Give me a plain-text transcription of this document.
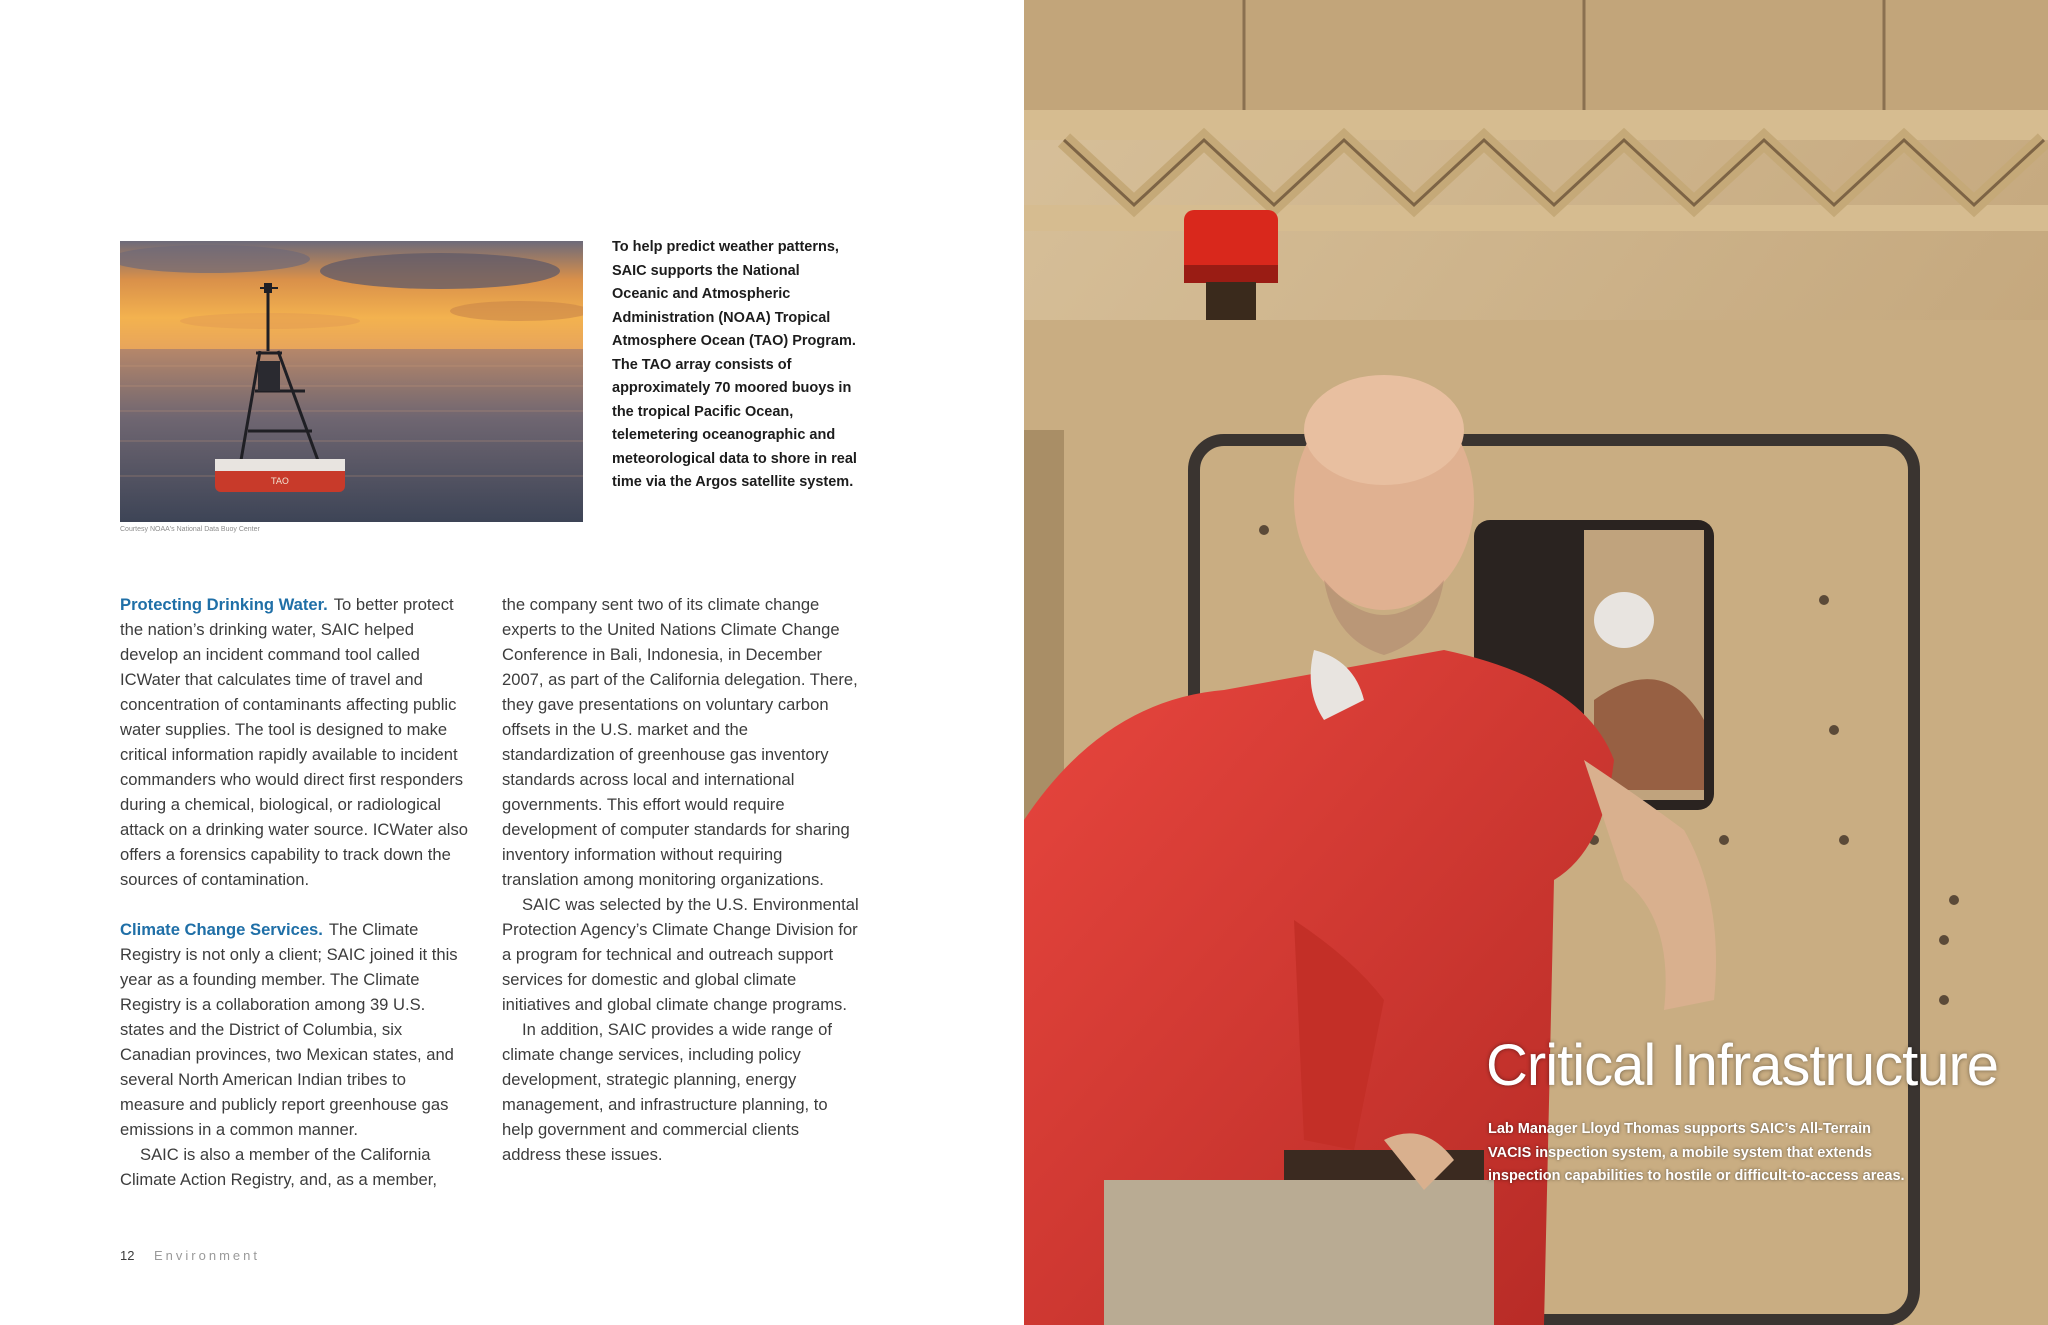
TAO
Courtesy NOAA's National Data Buoy Center
To help predict weather patterns, SAIC supports the National Oceanic and Atmospheric Administration (NOAA) Tropical Atmosphere Ocean (TAO) Program. The TAO array consists of approximately 70 moored buoys in the tropical Pacific Ocean, telemetering oceanographic and meteorological data to shore in real time via the Argos satellite system.

Protecting Drinking Water. To better protect the nation’s drinking water, SAIC helped develop an incident command tool called ICWater that calculates time of travel and concentration of contaminants affecting public water supplies. The tool is designed to make critical information rapidly available to incident commanders who would direct first responders during a chemical, biological, or radiological attack on a drinking water source. ICWater also offers a forensics capability to track down the sources of contamination.

Climate Change Services. The Climate Registry is not only a client; SAIC joined it this year as a founding member. The Climate Registry is a collaboration among 39 U.S. states and the District of Columbia, six Canadian provinces, two Mexican states, and several North American Indian tribes to measure and publicly report greenhouse gas emissions in a common manner.

SAIC is also a member of the California Climate Action Registry, and, as a member,

the company sent two of its climate change experts to the United Nations Climate Change Conference in Bali, Indonesia, in December 2007, as part of the California delegation. There, they gave presentations on voluntary carbon offsets in the U.S. market and the standardization of greenhouse gas inventory standards across local and international governments. This effort would require development of computer standards for sharing inventory information without requiring translation among monitoring organizations.

SAIC was selected by the U.S. Environmental Protection Agency’s Climate Change Division for a program for technical and outreach support services for domestic and global climate initiatives and global climate change programs.

In addition, SAIC provides a wide range of climate change services, including policy development, strategic planning, energy management, and infrastructure planning, to help government and commercial clients address these issues.

12 Environment
Critical Infrastructure
Lab Manager Lloyd Thomas supports SAIC’s All-Terrain VACIS inspection system, a mobile system that extends inspection capabilities to hostile or difficult-to-access areas.
